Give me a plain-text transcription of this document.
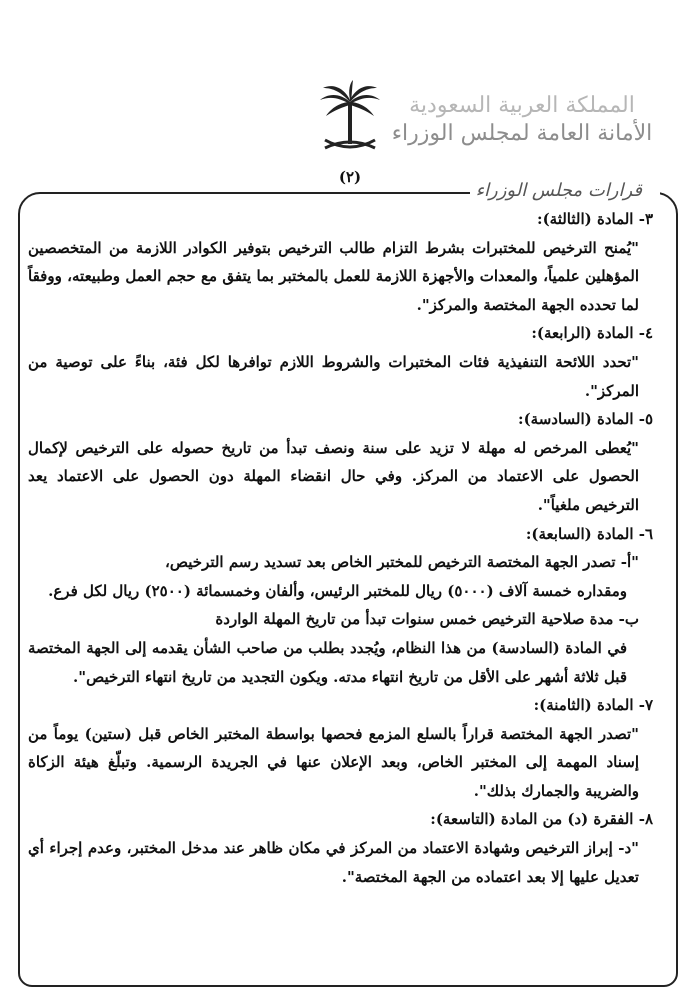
المملكة العربية السعودية
الأمانة العامة لمجلس الوزراء
(٢)
قرارات مجلس الوزراء
٣- المادة (الثالثة):
"يُمنح الترخيص للمختبرات بشرط التزام طالب الترخيص بتوفير الكوادر اللازمة من المتخصصين المؤهلين علمياً، والمعدات والأجهزة اللازمة للعمل بالمختبر بما يتفق مع حجم العمل وطبيعته، ووفقاً لما تحدده الجهة المختصة والمركز".
٤- المادة (الرابعة):
"تحدد اللائحة التنفيذية فئات المختبرات والشروط اللازم توافرها لكل فئة، بناءً على توصية من المركز".
٥- المادة (السادسة):
"يُعطى المرخص له مهلة لا تزيد على سنة ونصف تبدأ من تاريخ حصوله على الترخيص لإكمال الحصول على الاعتماد من المركز. وفي حال انقضاء المهلة دون الحصول على الاعتماد يعد الترخيص ملغياً".
٦- المادة (السابعة):
"أ- تصدر الجهة المختصة الترخيص للمختبر الخاص بعد تسديد رسم الترخيص،
ومقداره خمسة آلاف (٥٠٠٠) ريال للمختبر الرئيس، وألفان وخمسمائة (٢٥٠٠) ريال لكل فرع.
ب- مدة صلاحية الترخيص خمس سنوات تبدأ من تاريخ المهلة الواردة
في المادة (السادسة) من هذا النظام، ويُجدد بطلب من صاحب الشأن يقدمه إلى الجهة المختصة قبل ثلاثة أشهر على الأقل من تاريخ انتهاء مدته. ويكون التجديد من تاريخ انتهاء الترخيص".
٧- المادة (الثامنة):
"تصدر الجهة المختصة قراراً بالسلع المزمع فحصها بواسطة المختبر الخاص قبل (ستين) يوماً من إسناد المهمة إلى المختبر الخاص، وبعد الإعلان عنها في الجريدة الرسمية. وتبلّغ هيئة الزكاة والضريبة والجمارك بذلك".
٨- الفقرة (د) من المادة (التاسعة):
"د- إبراز الترخيص وشهادة الاعتماد من المركز في مكان ظاهر عند مدخل المختبر، وعدم إجراء أي تعديل عليها إلا بعد اعتماده من الجهة المختصة".
